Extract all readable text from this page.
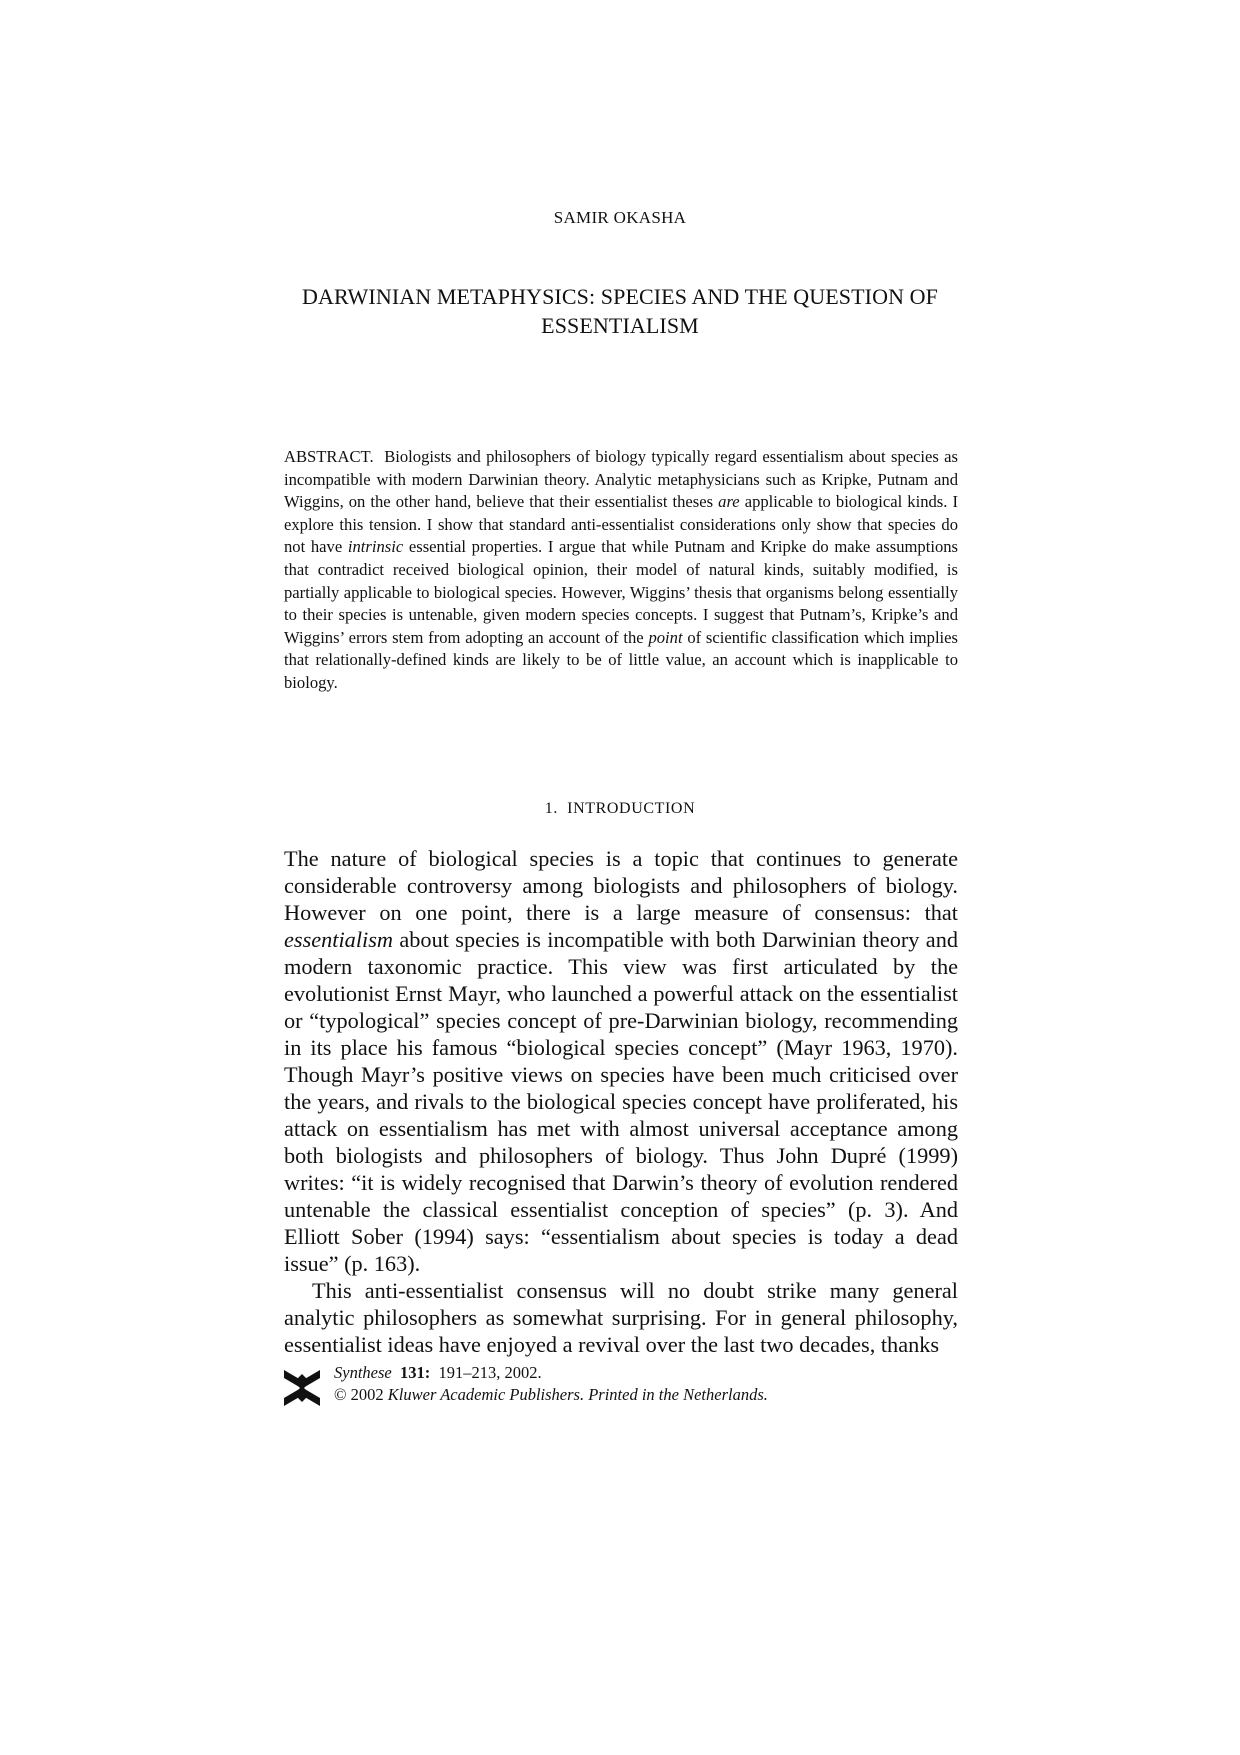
SAMIR OKASHA
DARWINIAN METAPHYSICS: SPECIES AND THE QUESTION OF ESSENTIALISM

ABSTRACT. Biologists and philosophers of biology typically regard essentialism about species as incompatible with modern Darwinian theory. Analytic metaphysicians such as Kripke, Putnam and Wiggins, on the other hand, believe that their essentialist theses are applicable to biological kinds. I explore this tension. I show that standard anti-essentialist considerations only show that species do not have intrinsic essential properties. I argue that while Putnam and Kripke do make assumptions that contradict received biological opinion, their model of natural kinds, suitably modified, is partially applicable to biological species. However, Wiggins’ thesis that organisms belong essentially to their species is untenable, given modern species concepts. I suggest that Putnam’s, Kripke’s and Wiggins’ errors stem from adopting an account of the point of scientific classification which implies that relationally-defined kinds are likely to be of little value, an account which is inapplicable to biology.

1. INTRODUCTION

The nature of biological species is a topic that continues to generate considerable controversy among biologists and philosophers of biology. However on one point, there is a large measure of consensus: that essentialism about species is incompatible with both Darwinian theory and modern taxonomic practice. This view was first articulated by the evolutionist Ernst Mayr, who launched a powerful attack on the essentialist or “typological” species concept of pre-Darwinian biology, recommending in its place his famous “biological species concept” (Mayr 1963, 1970). Though Mayr’s positive views on species have been much criticised over the years, and rivals to the biological species concept have proliferated, his attack on essentialism has met with almost universal acceptance among both biologists and philosophers of biology. Thus John Dupré (1999) writes: “it is widely recognised that Darwin’s theory of evolution rendered untenable the classical essentialist conception of species” (p. 3). And Elliott Sober (1994) says: “essentialism about species is today a dead issue” (p. 163).

This anti-essentialist consensus will no doubt strike many general analytic philosophers as somewhat surprising. For in general philosophy, essentialist ideas have enjoyed a revival over the last two decades, thanks

Synthese 131: 191–213, 2002.
© 2002 Kluwer Academic Publishers. Printed in the Netherlands.
